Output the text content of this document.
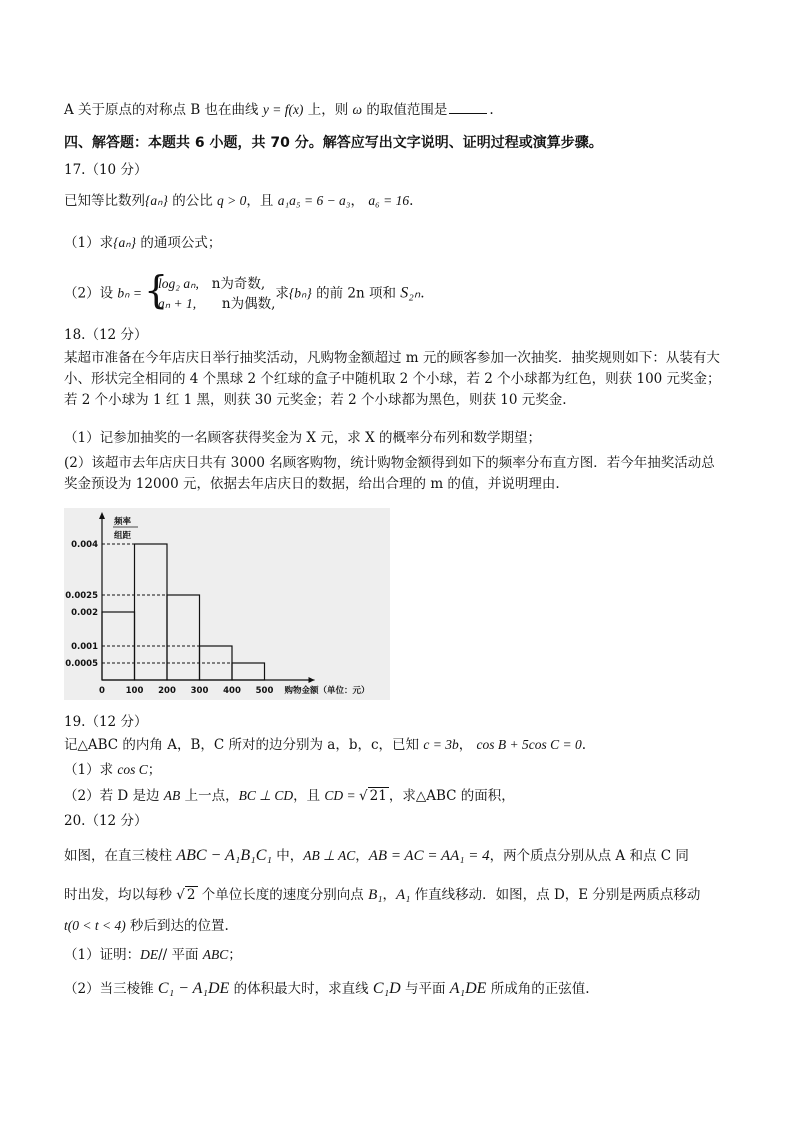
A 关于原点的对称点 B 也在曲线 y = f(x) 上，则 ω 的取值范围是	.
四、解答题：本题共 6 小题，共 70 分。解答应写出文字说明、证明过程或演算步骤。
17.（10 分）
已知等比数列{aₙ} 的公比 q > 0，且 a₁a₅ = 6 − a₃， a₆ = 16.
（1）求{aₙ} 的通项公式；
（2）设 bₙ =
{ log₂ aₙ, n为奇数,
aₙ + 1, n为偶数,
求{bₙ} 的前 2n 项和 S₂ₙ.
18.（12 分）
某超市准备在今年店庆日举行抽奖活动，凡购物金额超过 m 元的顾客参加一次抽奖．抽奖规则如下：从装有大小、形状完全相同的 4 个黑球 2 个红球的盒子中随机取 2 个小球，若 2 个小球都为红色，则获 100 元奖金；若 2 个小球为 1 红 1 黑，则获 30 元奖金；若 2 个小球都为黑色，则获 10 元奖金.
（1）记参加抽奖的一名顾客获得奖金为 X 元，求 X 的概率分布列和数学期望；
(2）该超市去年店庆日共有 3000 名顾客购物，统计购物金额得到如下的频率分布直方图．若今年抽奖活动总奖金预设为 12000 元，依据去年店庆日的数据，给出合理的 m 的值，并说明理由.
0.004
0.0025
0.002
0.001
0.0005
0 100 200 300 400 500
频率
组距
购物金额（单位：元）
19.（12 分）
记△ABC 的内角 A，B，C 所对的边分别为 a，b，c，已知 c = 3b， cos B + 5cos C = 0.
（1）求 cos C；
（2）若 D 是边 AB 上一点，BC ⊥ CD，且 CD = √ 21 ，求△ABC 的面积，
20.（12 分）
如图，在直三棱柱 ABC − A₁B₁C₁ 中，AB ⊥ AC，AB = AC = AA₁ = 4，两个质点分别从点 A 和点 C 同
时出发，均以每秒 √ 2 个单位长度的速度分别向点 B₁，A₁ 作直线移动．如图，点 D，E 分别是两质点移动
t(0 < t < 4) 秒后到达的位置.
（1）证明：DE// 平面 ABC；
（2）当三棱锥 C₁ − A₁DE 的体积最大时，求直线 C₁D 与平面 A₁DE 所成角的正弦值.
